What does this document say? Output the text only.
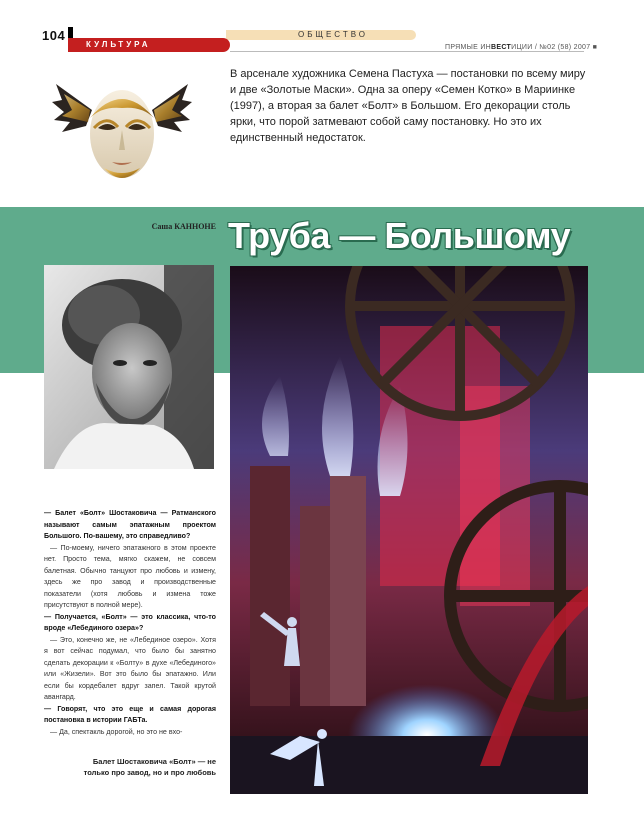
104	ОБЩЕСТВО
КУЛЬТУРА	ПРЯМЫЕ ИНВЕСТИЦИИ / №02 (58) 2007 ■
В арсенале художника Семена Пастуха — постановки по всему миру и две «Золотые Маски». Одна за оперу «Семен Котко» в Мариинке (1997), а вторая за балет «Болт» в Большом. Его декорации столь ярки, что порой затмевают собой саму постановку. Но это их единственный недостаток.
Саша КАННОНЕ Труба — Большому

— Балет «Болт» Шостаковича — Ратманского называют самым эпатажным проектом Большого. По-вашему, это справедливо?

— По-моему, ничего эпатажного в этом проекте нет. Просто тема, мягко скажем, не совсем балетная. Обычно танцуют про любовь и измену, здесь же про завод и производственные показатели (хотя любовь и измена тоже присутствуют в полной мере).

— Получается, «Болт» — это классика, что-то вроде «Лебединого озера»?

— Это, конечно же, не «Лебединое озеро». Хотя я вот сейчас подумал, что было бы занятно сделать декорации к «Болту» в духе «Лебединого» или «Жизели». Вот это было бы эпатажно. Или если бы кордебалет вдруг запел. Такой крутой авангард.

— Говорят, что это еще и самая дорогая постановка в истории ГАБТа.

— Да, спектакль дорогой, но это не вхо-

Балет Шостаковича «Болт» — не только про завод, но и про любовь
